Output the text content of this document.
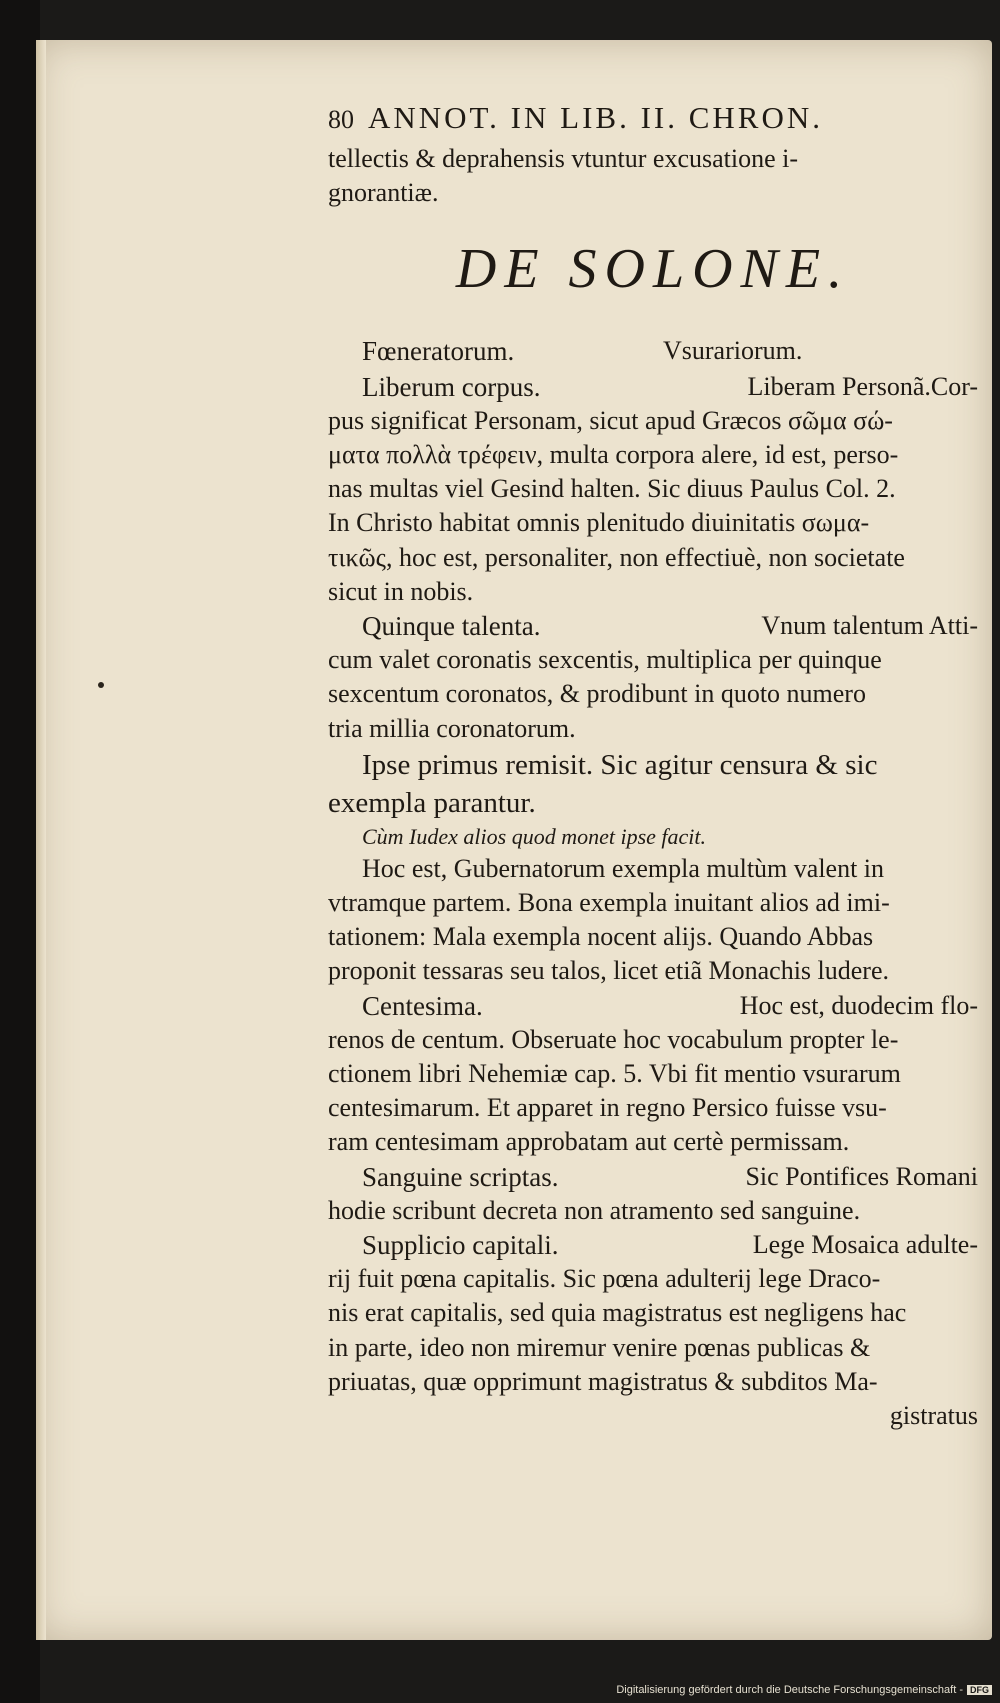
80 ANNOT. IN LIB. II. CHRON.
tellectis & deprahensis vtuntur excusatione i-
gnorantiæ.
DE SOLONE.
Fœneratorum.	Vsurariorum.
Liberum corpus.	Liberam Personã.Cor-
pus significat Personam, sicut apud Græcos σῶμα σώ-
ματα πολλὰ τρέφειν, multa corpora alere, id est, perso-
nas multas viel Gesind halten. Sic diuus Paulus Col. 2.
In Christo habitat omnis plenitudo diuinitatis σωμα-
τικῶς, hoc est, personaliter, non effectiuè, non societate
sicut in nobis.
Quinque talenta.	Vnum talentum Atti-
cum valet coronatis sexcentis, multiplica per quinque
sexcentum coronatos, & prodibunt in quoto numero
tria millia coronatorum.
Ipse primus remisit. Sic agitur censura & sic
exempla parantur.
Cùm Iudex alios quod monet ipse facit.
Hoc est, Gubernatorum exempla multùm valent in
vtramque partem. Bona exempla inuitant alios ad imi-
tationem: Mala exempla nocent alijs. Quando Abbas
proponit tessaras seu talos, licet etiã Monachis ludere.
Centesima.	Hoc est, duodecim flo-
renos de centum. Obseruate hoc vocabulum propter le-
ctionem libri Nehemiæ cap. 5. Vbi fit mentio vsurarum
centesimarum. Et apparet in regno Persico fuisse vsu-
ram centesimam approbatam aut certè permissam.
Sanguine scriptas.	Sic Pontifices Romani
hodie scribunt decreta non atramento sed sanguine.
Supplicio capitali.	Lege Mosaica adulte-
rij fuit pœna capitalis. Sic pœna adulterij lege Draco-
nis erat capitalis, sed quia magistratus est negligens hac
in parte, ideo non miremur venire pœnas publicas &
priuatas, quæ opprimunt magistratus & subditos Ma-
gistratus
Digitalisierung gefördert durch die Deutsche Forschungsgemeinschaft - DFG
